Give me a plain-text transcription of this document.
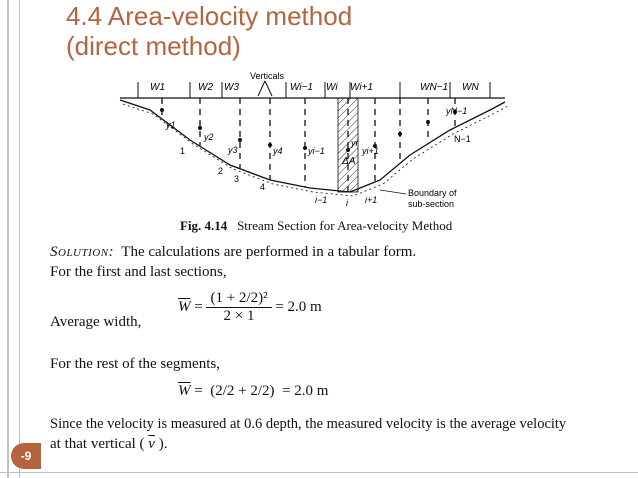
4.4 Area-velocity method
(direct method)
W1	W2 W3	Wi−1 Wi Wi+1	WN−1 WN
Verticals
y1
y2
y3	y4	yi−1
yi
yi+1
yN−1
ΔA
1
2
3
4
N−1
i−1 i i+1
Boundary of
sub-section
Fig. 4.14 Stream Section for Area-velocity Method
Solution: The calculations are performed in a tabular form.
For the first and last sections,
Average width,
$\overline{W} = \frac{\text{(1 + 2/2)²}}{2 \times 1}$
= 2.0 m
For the rest of the segments,
$\overline{W} = (2/2 + 2/2) = 2.0$ m
Since the velocity is measured at 0.6 depth, the measured velocity is the average velocity
at that vertical ( $\overline{v}$ ).
-9
